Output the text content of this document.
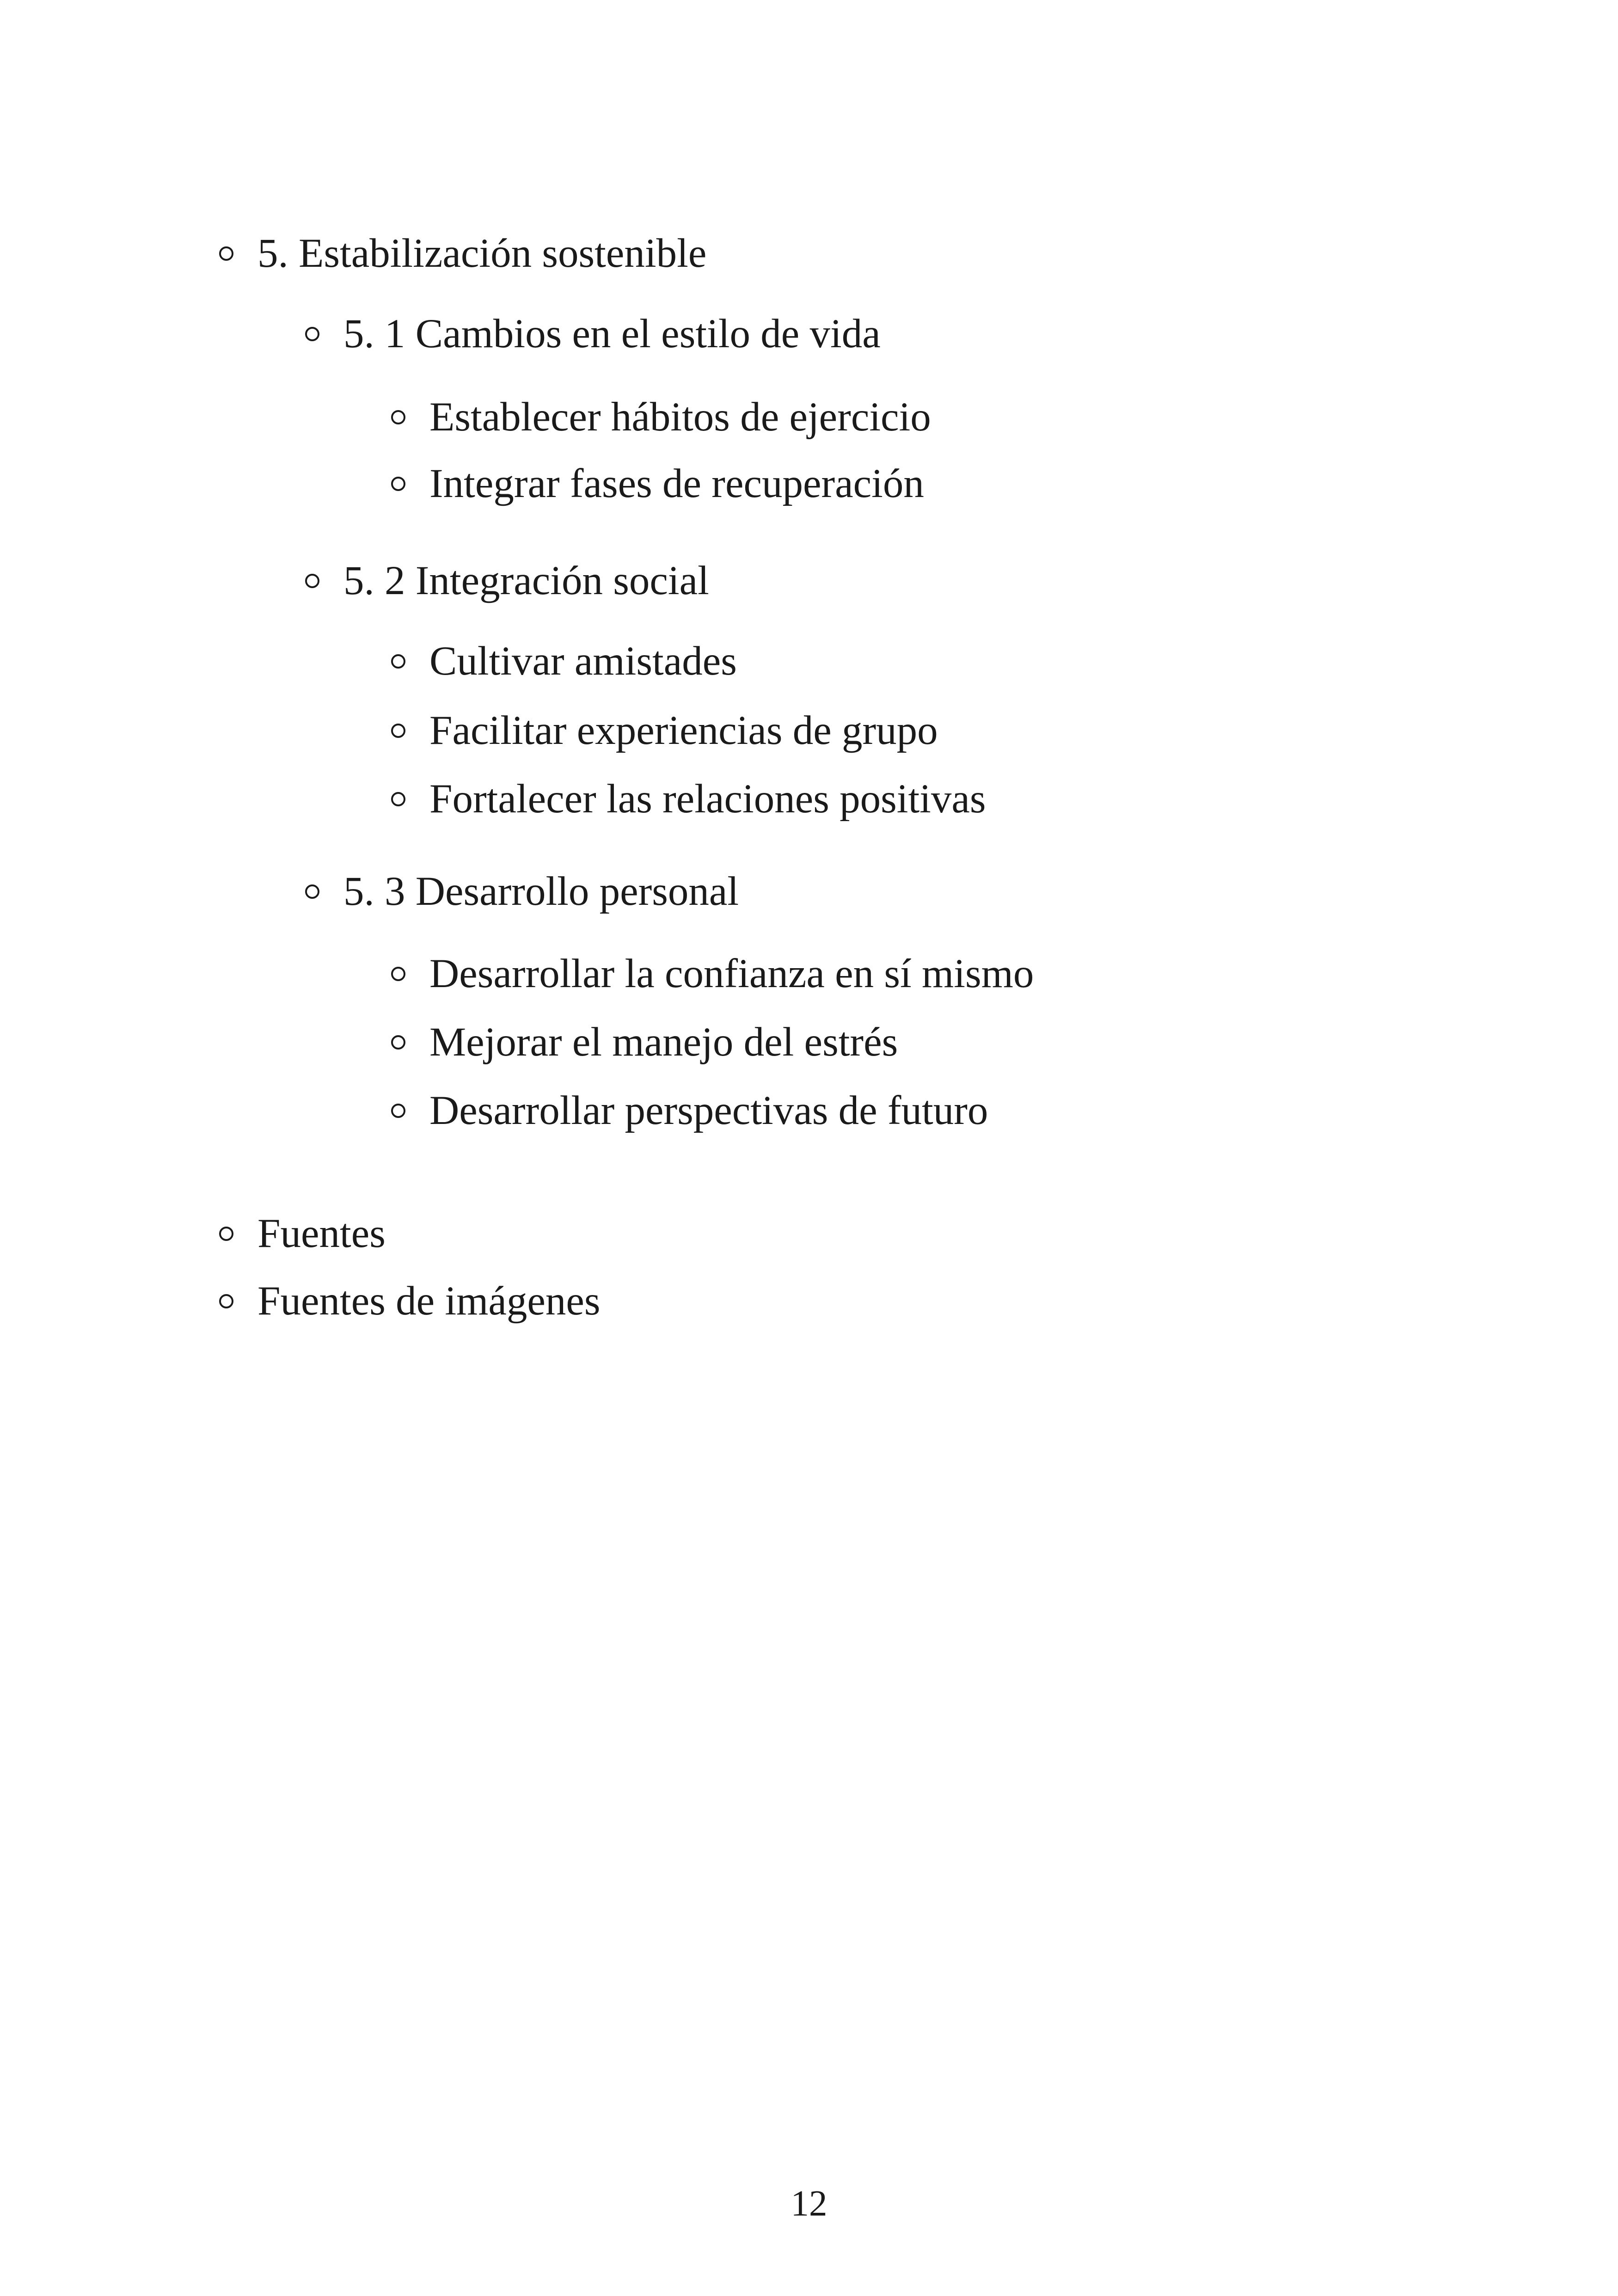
5. Estabilización sostenible
5. 1 Cambios en el estilo de vida
Establecer hábitos de ejercicio
Integrar fases de recuperación
5. 2 Integración social
Cultivar amistades
Facilitar experiencias de grupo
Fortalecer las relaciones positivas
5. 3 Desarrollo personal
Desarrollar la confianza en sí mismo
Mejorar el manejo del estrés
Desarrollar perspectivas de futuro
Fuentes
Fuentes de imágenes
12
